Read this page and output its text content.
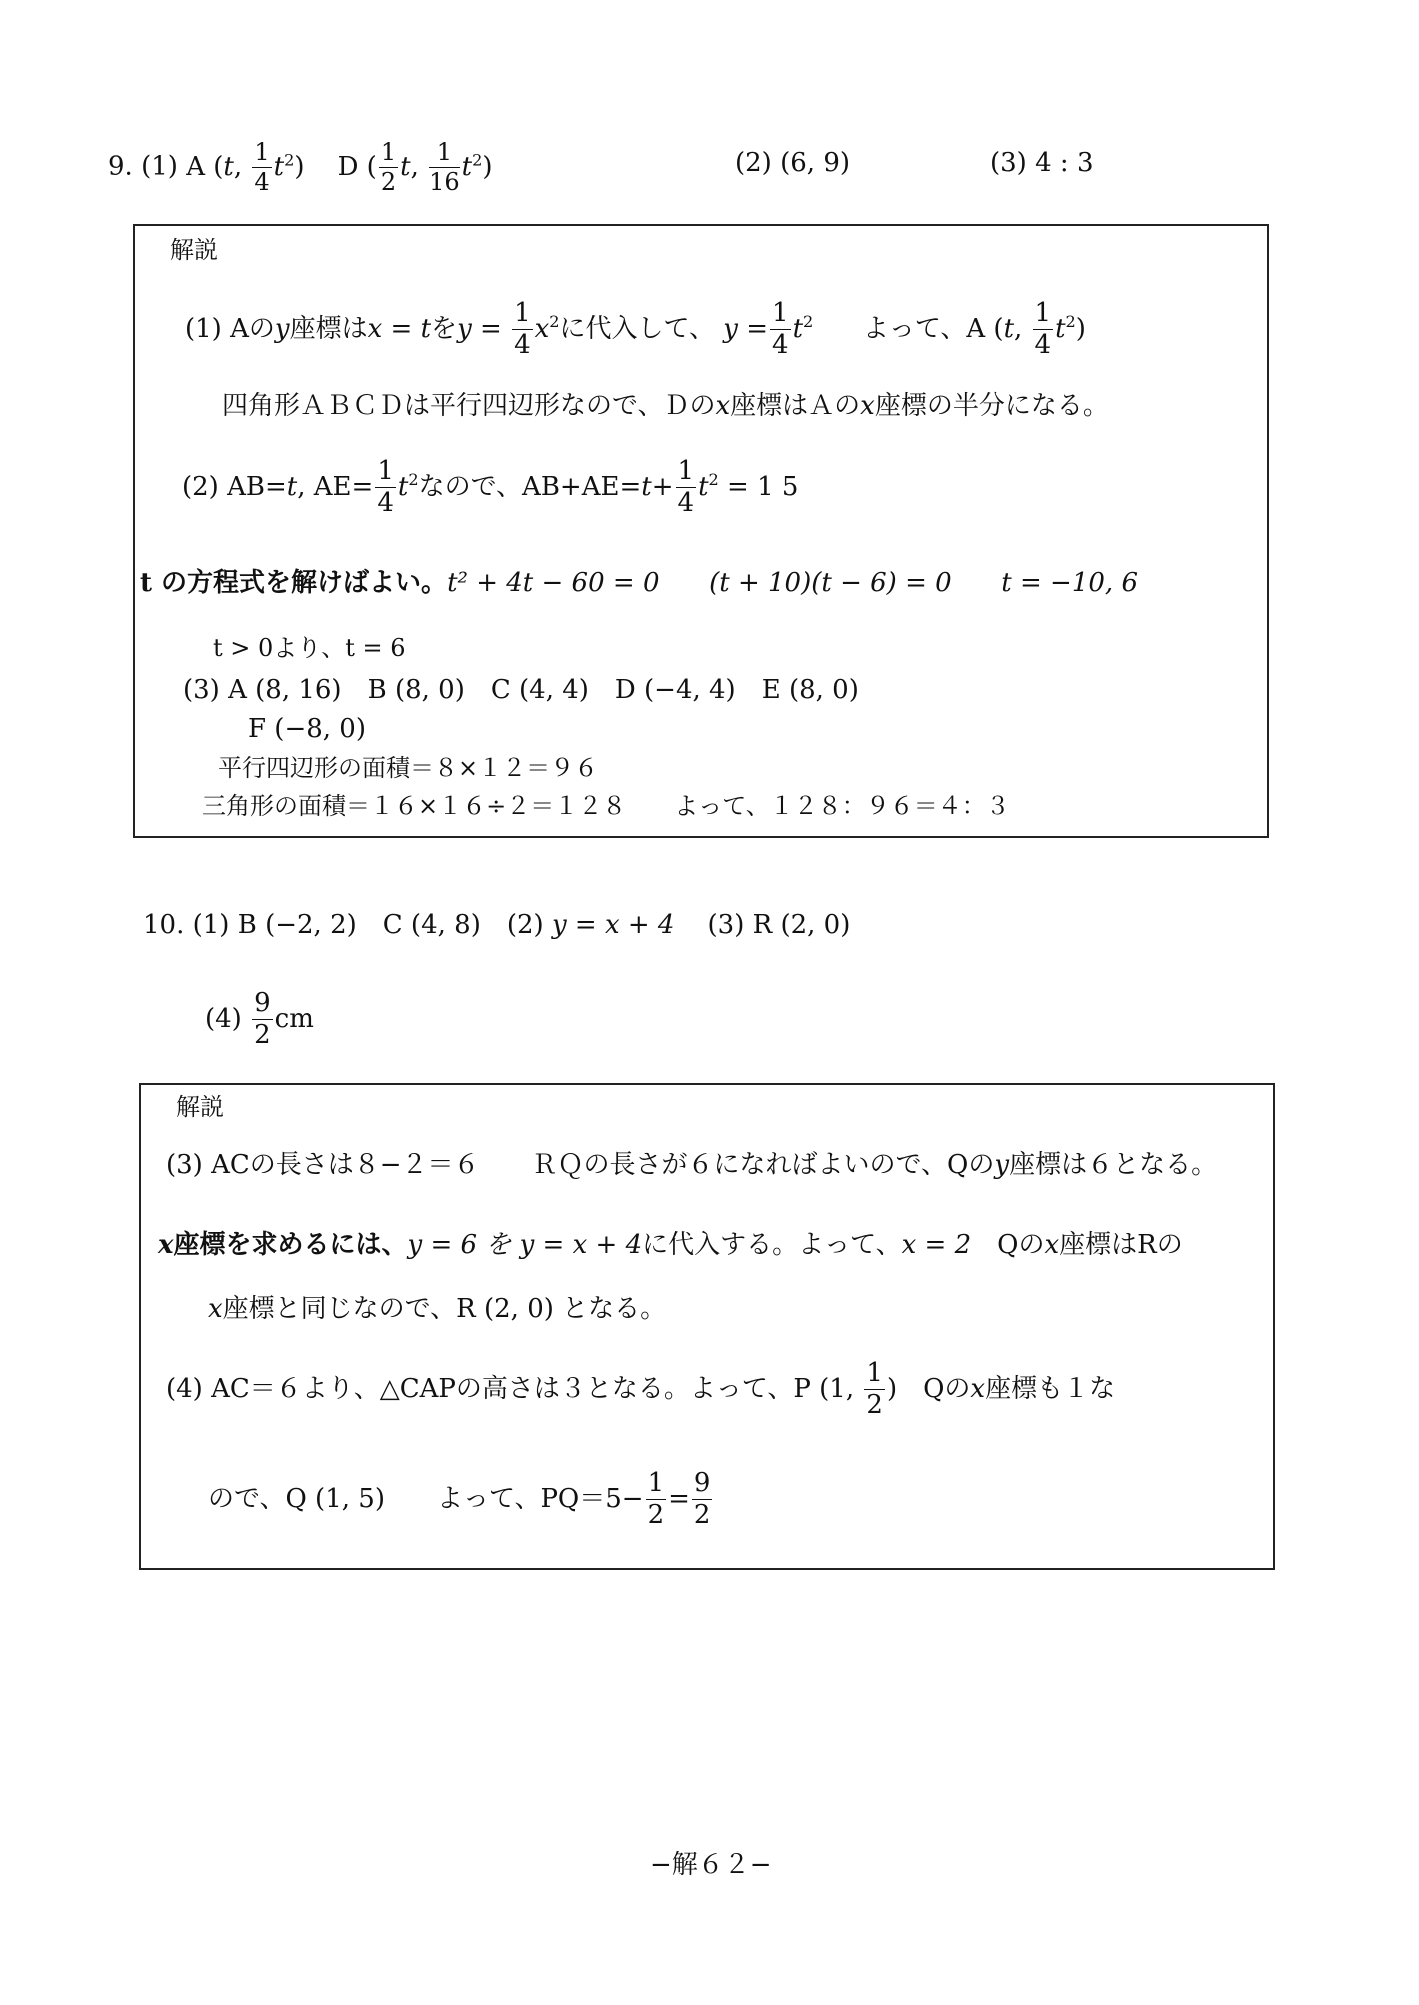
9. (1) A (t, $\frac{1}{4} t^2$) D ( $\frac{1}{2} t$, $\frac{1}{16} t^2$)	(2) (6, 9)	(3) 4 : 3
解説
(1) Aのy座標はx = tを$y = \frac{1}{4} x^2$に代入して、 $y = \frac{1}{4} t^2$ よって、A (t, $\frac{1}{4} t^2$)
四角形ＡＢＣＤは平行四辺形なので、Ｄのx座標はＡのx座標の半分になる。
(2) AB=t, $AE= \frac{1}{4} t^2$なので、$AB+AE=t+ \frac{1}{4} t^2 = 1$ 5
t の方程式を解けばよい。t² + 4t − 60 = 0 (t + 10)(t − 6) = 0 t = −10, 6
t > 0より、t = 6
(3) A (8, 16)　B (8, 0)　C (4, 4)　D (−4, 4)　E (8, 0)
F (−8, 0)
平行四辺形の面積＝８×１２＝９６
三角形の面積＝１６×１６÷２＝１２８　　よって、１２８：９６＝４：３
10. (1) B (−2, 2)　C (4, 8)　(2) y = x + 4 (3) R (2, 0)
$(4) \frac{9}{2}$ cm
解説
(3) ACの長さは８−２＝６　　ＲＱの長さが６になればよいので、Qのy座標は６となる。
x座標を求めるには、y = 6 を y = x + 4に代入する。よって、x = 2　Qのx座標はRの
x座標と同じなので、R (2, 0) となる。
(4) AC＝６より、△CAPの高さは３となる。よって、P (1, $\frac{1}{2}$ )　Qのx座標も１な
ので、Q (1, 5)　　よって、$PQ=5- \frac{1}{2} = \frac{9}{2}$
−解６２−
